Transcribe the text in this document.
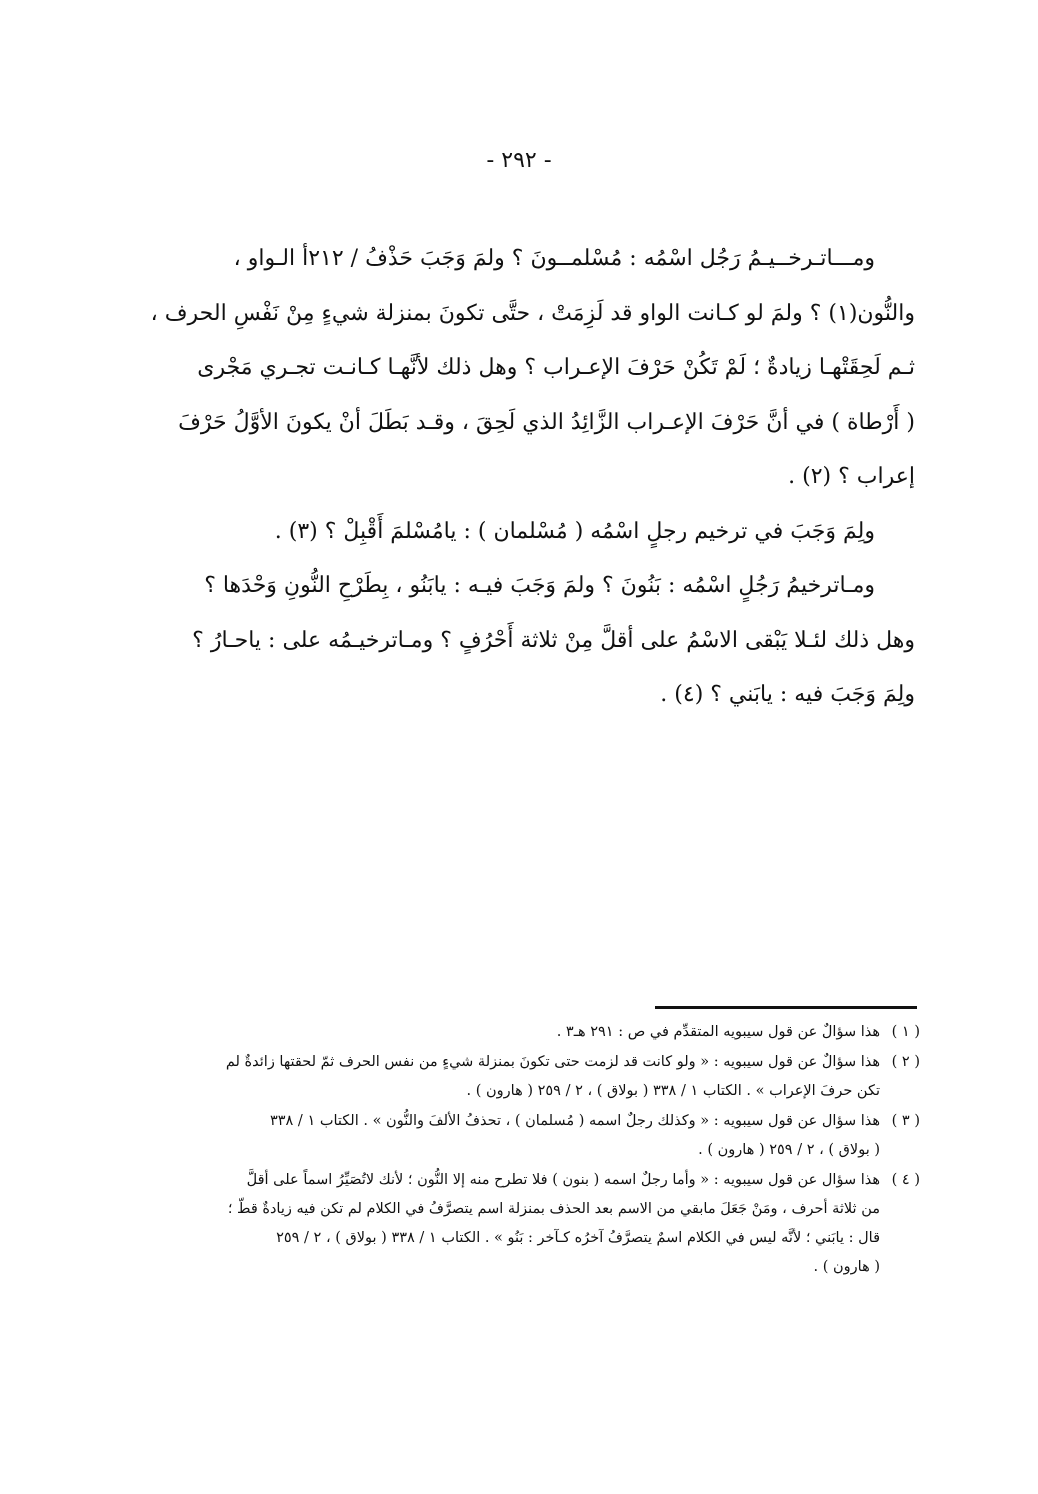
- ٢٩٢ -

ومـــاتـرخــيـمُ رَجُل اسْمُه : مُسْلمــونَ ؟ ولمَ وَجَبَ حَذْفُ / ٢١٢أ الـواو ،
والنُّون(١) ؟ ولمَ لو كـانت الواو قد لَزِمَتْ ، حتَّى تكونَ بمنزلة شيءٍ مِنْ نَفْسِ الحرف ،
ثـم لَحِقَتْهـا زيادةٌ ؛ لَمْ تَكُنْ حَرْفَ الإعـراب ؟ وهل ذلك لأنَّهـا كـانـت تجـري مَجْرى
( أَرْطاة ) في أنَّ حَرْفَ الإعـراب الزَّائِدُ الذي لَحِقَ ، وقـد بَطَلَ أنْ يكونَ الأوَّلُ حَرْفَ
إعراب ؟ (٢) .

ولِمَ وَجَبَ في ترخيم رجلٍ اسْمُه ( مُسْلمان ) : يامُسْلمَ أَقْبِلْ ؟ (٣) .

ومـاترخيمُ رَجُلٍ اسْمُه : بَنُونَ ؟ ولمَ وَجَبَ فيـه : يابَنُو ، بِطَرْحِ النُّونِ وَحْدَها ؟
وهل ذلك لئـلا يَبْقى الاسْمُ على أقلَّ مِنْ ثلاثة أَحْرُفٍ ؟ ومـاترخيـمُه على : ياحـارُ ؟
ولِمَ وَجَبَ فيه : يابَني ؟ (٤) .

( ١ )
هذا سؤالٌ عن قول سيبويه المتقدِّم في ص : ٢٩١ هـ٣ .
( ٢ )
هذا سؤالٌ عن قول سيبويه : « ولو كانت قد لزمت حتى تكونَ بمنزلة شيءٍ من نفس الحرف ثمّ لحقتها زائدةٌ لم
تكن حرفَ الإعراب » . الكتاب ١ / ٣٣٨ ( بولاق ) ، ٢ / ٢٥٩ ( هارون ) .
( ٣ )
هذا سؤال عن قول سيبويه : « وكذلك رجلٌ اسمه ( مُسلمان ) ، تحذفُ الألفَ والنُّون » . الكتاب ١ / ٣٣٨
( بولاق ) ، ٢ / ٢٥٩ ( هارون ) .
( ٤ )
هذا سؤال عن قول سيبويه : « وأما رجلٌ اسمه ( بنون ) فلا تطرح منه إلا النُّون ؛ لأنك لاتُصَيِّرُ اسماً على أقلَّ
من ثلاثة أحرف ، ومَنْ جَعَلَ مابقي من الاسم بعد الحذف بمنزلة اسم يتصرَّفُ في الكلام لم تكن فيه زيادةٌ قطّ ؛
قال : يابَني ؛ لأنَّه ليس في الكلام اسمٌ يتصرَّفُ آخرُه كـآخر : بَنُو » . الكتاب ١ / ٣٣٨ ( بولاق ) ، ٢ / ٢٥٩
( هارون ) .
